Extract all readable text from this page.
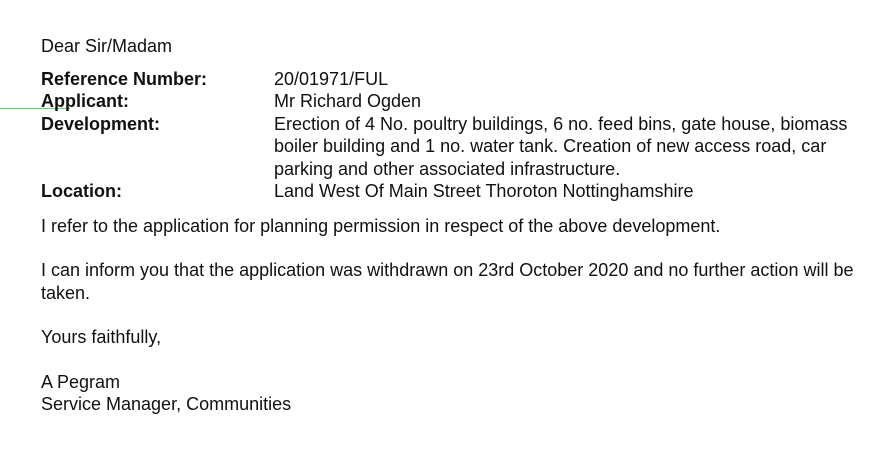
Dear Sir/Madam
Reference Number:	20/01971/FUL
Applicant:	Mr Richard Ogden
Development:	Erection of 4 No. poultry buildings, 6 no. feed bins, gate house, biomass boiler building and 1 no. water tank. Creation of new access road, car parking and other associated infrastructure.
Location:	Land West Of Main Street Thoroton Nottinghamshire

I refer to the application for planning permission in respect of the above development.

I can inform you that the application was withdrawn on 23rd October 2020 and no further action will be taken.

Yours faithfully,

A Pegram

Service Manager, Communities
